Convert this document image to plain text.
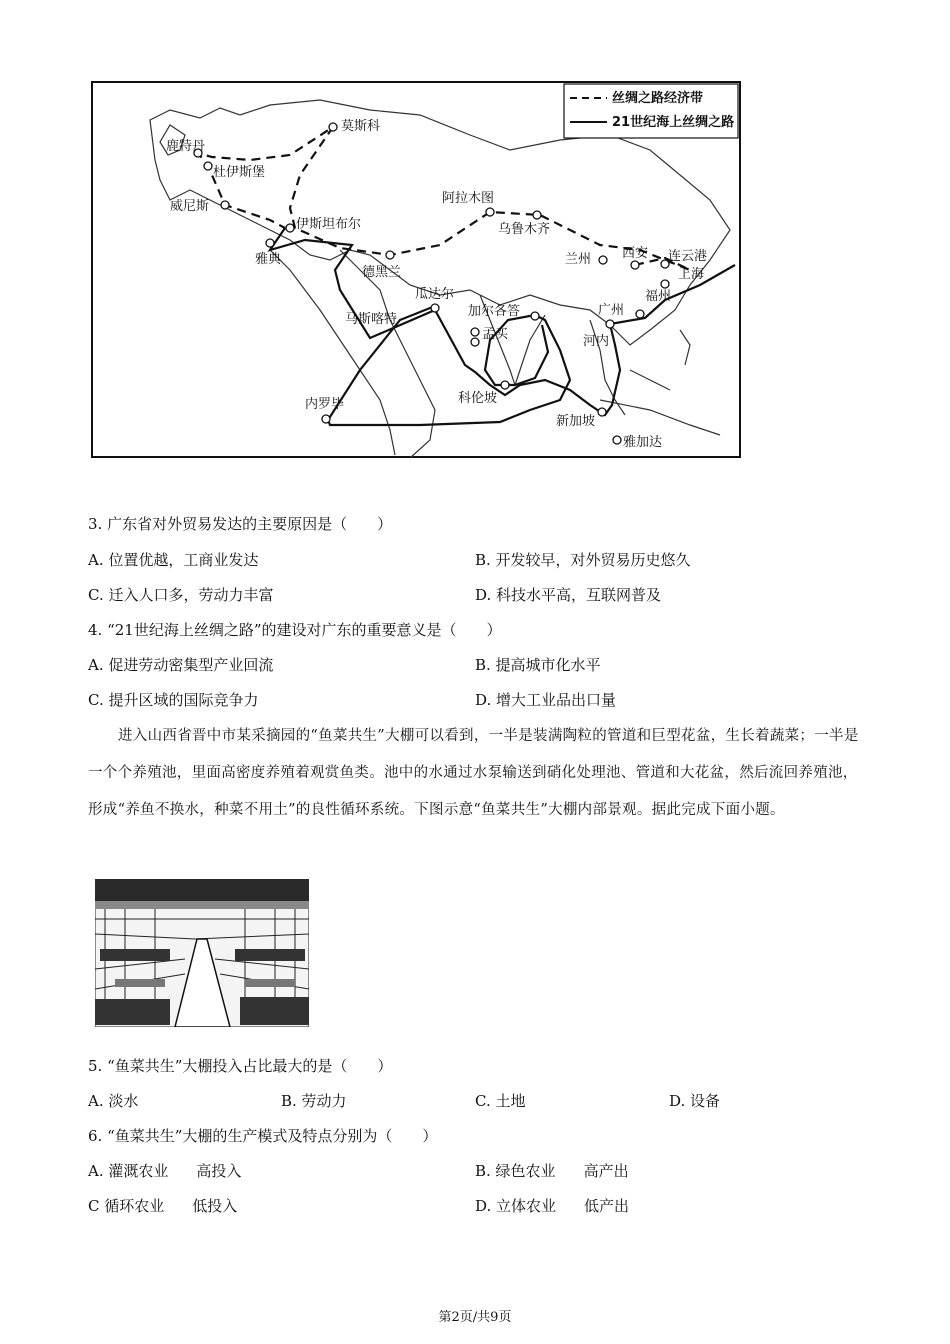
丝绸之路经济带
21世纪海上丝绸之路
莫斯科
鹿特丹
杜伊斯堡
威尼斯
伊斯坦布尔
雅典
德黑兰
阿拉木图
乌鲁木齐
兰州 西安 连云港
上海
福州
广州
河内
瓜达尔
马斯喀特
加尔各答
孟买
科伦坡
新加坡
雅加达
内罗毕
3. 广东省对外贸易发达的主要原因是（　　）
A. 位置优越，工商业发达	B. 开发较早，对外贸易历史悠久
C. 迁入人口多，劳动力丰富	D. 科技水平高，互联网普及
4. “21世纪海上丝绸之路”的建设对广东的重要意义是（　　）
A. 促进劳动密集型产业回流	B. 提高城市化水平
C. 提升区域的国际竞争力	D. 增大工业品出口量
进入山西省晋中市某采摘园的“鱼菜共生”大棚可以看到，一半是装满陶粒的管道和巨型花盆，生长着蔬菜；一半是一个个养殖池，里面高密度养殖着观赏鱼类。池中的水通过水泵输送到硝化处理池、管道和大花盆，然后流回养殖池，形成“养鱼不换水，种菜不用土”的良性循环系统。下图示意“鱼菜共生”大棚内部景观。据此完成下面小题。
5. “鱼菜共生”大棚投入占比最大的是（　　）
A. 淡水	B. 劳动力	C. 土地	D. 设备
6. “鱼菜共生”大棚的生产模式及特点分别为（　　）
A. 灌溉农业 高投入	B. 绿色农业 高产出
C 循环农业 低投入	D. 立体农业 低产出
第2页/共9页
